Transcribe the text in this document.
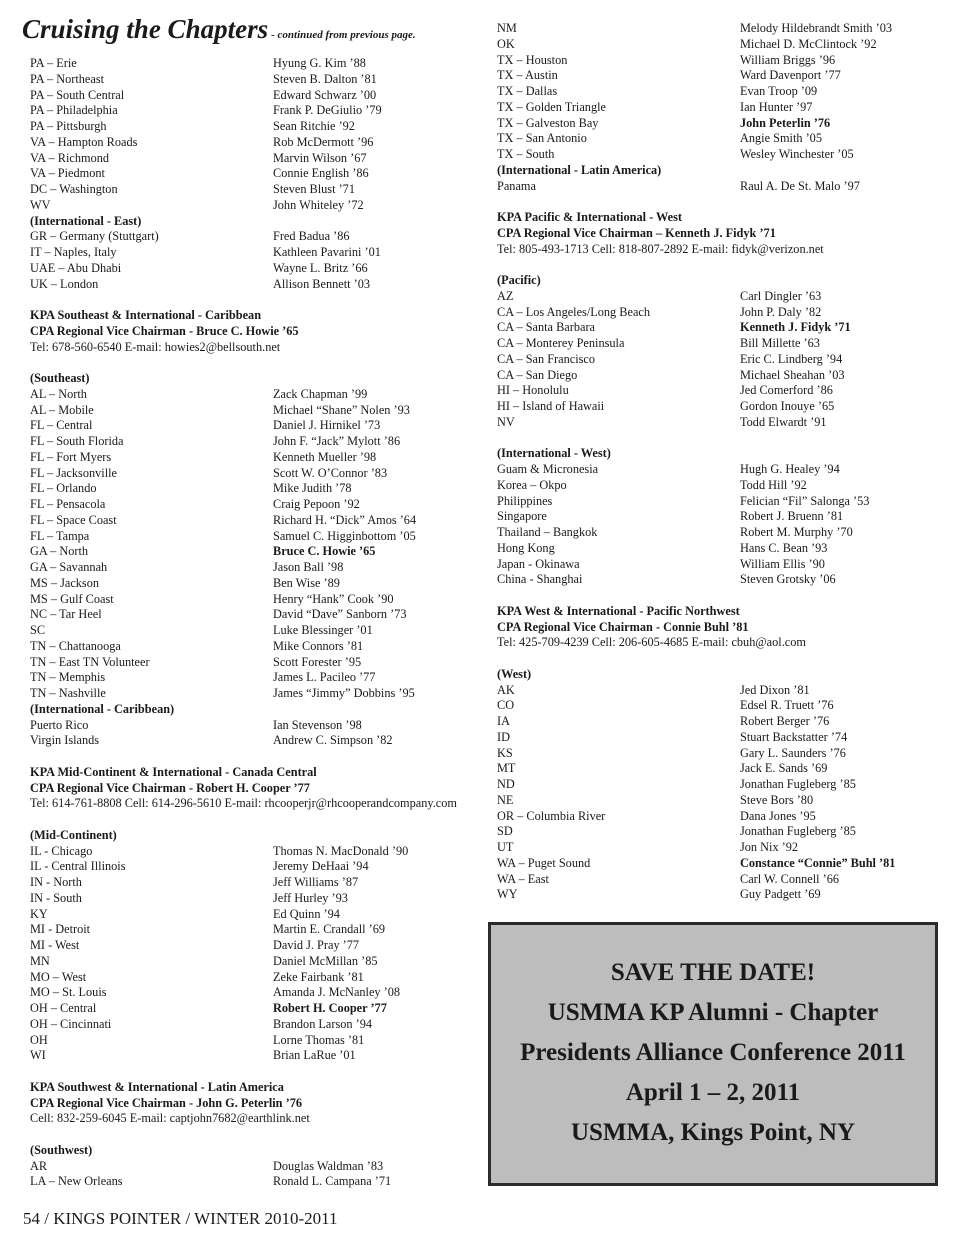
Cruising the Chapters - continued from previous page.
PA – Erie	Hyung G. Kim ’88
PA – Northeast	Steven B. Dalton ’81
PA – South Central	Edward Schwarz ’00
PA – Philadelphia	Frank P. DeGiulio ’79
PA – Pittsburgh	Sean Ritchie ’92
VA – Hampton Roads	Rob McDermott ’96
VA – Richmond	Marvin Wilson ’67
VA – Piedmont	Connie English ’86
DC – Washington	Steven Blust ’71
WV	John Whiteley ’72
(International - East)
GR – Germany (Stuttgart)	Fred Badua ’86
IT – Naples, Italy	Kathleen Pavarini ’01
UAE – Abu Dhabi	Wayne L. Britz ’66
UK – London	Allison Bennett ’03
KPA Southeast & International - Caribbean
CPA Regional Vice Chairman - Bruce C. Howie ’65
Tel: 678-560-6540 E-mail: howies2@bellsouth.net
(Southeast)
AL – North	Zack Chapman ’99
AL – Mobile	Michael “Shane” Nolen ’93
FL – Central	Daniel J. Hirnikel ’73
FL – South Florida	John F. “Jack” Mylott ’86
FL – Fort Myers	Kenneth Mueller ’98
FL – Jacksonville	Scott W. O’Connor ’83
FL – Orlando	Mike Judith ’78
FL – Pensacola	Craig Pepoon ’92
FL – Space Coast	Richard H. “Dick” Amos ’64
FL – Tampa	Samuel C. Higginbottom ’05
GA – North	Bruce C. Howie ’65
GA – Savannah	Jason Ball ’98
MS – Jackson	Ben Wise ’89
MS – Gulf Coast	Henry “Hank” Cook ’90
NC – Tar Heel	David “Dave” Sanborn ’73
SC	Luke Blessinger ’01
TN – Chattanooga	Mike Connors ’81
TN – East TN Volunteer	Scott Forester ’95
TN – Memphis	James L. Pacileo ’77
TN – Nashville	James “Jimmy” Dobbins ’95
(International - Caribbean)
Puerto Rico	Ian Stevenson ’98
Virgin Islands	Andrew C. Simpson ’82
KPA Mid-Continent & International - Canada Central
CPA Regional Vice Chairman - Robert H. Cooper ’77
Tel: 614-761-8808 Cell: 614-296-5610 E-mail: rhcooperjr@rhcooperandcompany.com
(Mid-Continent)
IL - Chicago	Thomas N. MacDonald ’90
IL - Central Illinois	Jeremy DeHaai ’94
IN - North	Jeff Williams ’87
IN - South	Jeff Hurley ’93
KY	Ed Quinn ’94
MI - Detroit	Martin E. Crandall ’69
MI - West	David J. Pray ’77
MN	Daniel McMillan ’85
MO – West	Zeke Fairbank ’81
MO – St. Louis	Amanda J. McNanley ’08
OH – Central	Robert H. Cooper ’77
OH – Cincinnati	Brandon Larson ’94
OH	Lorne Thomas ’81
WI	Brian LaRue ’01
KPA Southwest & International - Latin America
CPA Regional Vice Chairman - John G. Peterlin ’76
Cell: 832-259-6045 E-mail: captjohn7682@earthlink.net
(Southwest)
AR	Douglas Waldman ’83
LA – New Orleans	Ronald L. Campana ’71
NM	Melody Hildebrandt Smith ’03
OK	Michael D. McClintock ’92
TX – Houston	William Briggs ’96
TX – Austin	Ward Davenport ’77
TX – Dallas	Evan Troop ’09
TX – Golden Triangle	Ian Hunter ’97
TX – Galveston Bay	John Peterlin ’76
TX – San Antonio	Angie Smith ’05
TX – South	Wesley Winchester ’05
(International - Latin America)
Panama	Raul A. De St. Malo ’97
KPA Pacific & International - West
CPA Regional Vice Chairman – Kenneth J. Fidyk ’71
Tel: 805-493-1713 Cell: 818-807-2892 E-mail: fidyk@verizon.net
(Pacific)
AZ	Carl Dingler ’63
CA – Los Angeles/Long Beach	John P. Daly ’82
CA – Santa Barbara	Kenneth J. Fidyk ’71
CA – Monterey Peninsula	Bill Millette ’63
CA – San Francisco	Eric C. Lindberg ’94
CA – San Diego	Michael Sheahan ’03
HI – Honolulu	Jed Comerford ’86
HI – Island of Hawaii	Gordon Inouye ’65
NV	Todd Elwardt ’91
(International - West)
Guam & Micronesia	Hugh G. Healey ’94
Korea – Okpo	Todd Hill ’92
Philippines	Felician “Fil” Salonga ’53
Singapore	Robert J. Bruenn ’81
Thailand – Bangkok	Robert M. Murphy ’70
Hong Kong	Hans C. Bean ’93
Japan - Okinawa	William Ellis ’90
China - Shanghai	Steven Grotsky ’06
KPA West & International - Pacific Northwest
CPA Regional Vice Chairman - Connie Buhl ’81
Tel: 425-709-4239 Cell: 206-605-4685 E-mail: cbuh@aol.com
(West)
AK	Jed Dixon ’81
CO	Edsel R. Truett ’76
IA	Robert Berger ’76
ID	Stuart Backstatter ’74
KS	Gary L. Saunders ’76
MT	Jack E. Sands ’69
ND	Jonathan Fugleberg ’85
NE	Steve Bors ’80
OR – Columbia River	Dana Jones ’95
SD	Jonathan Fugleberg ’85
UT	Jon Nix ’92
WA – Puget Sound	Constance “Connie” Buhl ’81
WA – East	Carl W. Connell ’66
WY	Guy Padgett ’69
SAVE THE DATE!
USMMA KP Alumni - Chapter
Presidents Alliance Conference 2011
April 1 – 2, 2011
USMMA, Kings Point, NY
54 / KINGS POINTER / WINTER 2010-2011
